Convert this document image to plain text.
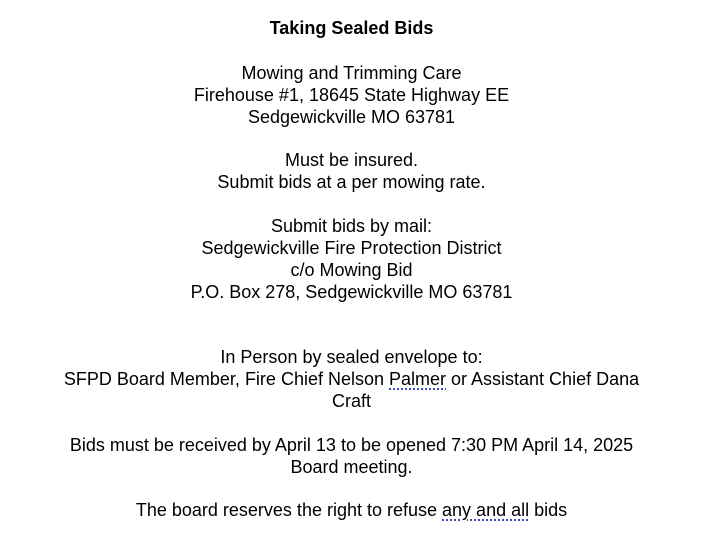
Taking Sealed Bids
Mowing and Trimming Care
Firehouse #1, 18645 State Highway EE
Sedgewickville MO 63781
Must be insured.
Submit bids at a per mowing rate.
Submit bids by mail:
Sedgewickville Fire Protection District
c/o Mowing Bid
P.O. Box 278, Sedgewickville MO 63781
In Person by sealed envelope to:
SFPD Board Member, Fire Chief Nelson Palmer or Assistant Chief Dana
Craft
Bids must be received by April 13 to be opened 7:30 PM April 14, 2025
Board meeting.
The board reserves the right to refuse any and all bids
